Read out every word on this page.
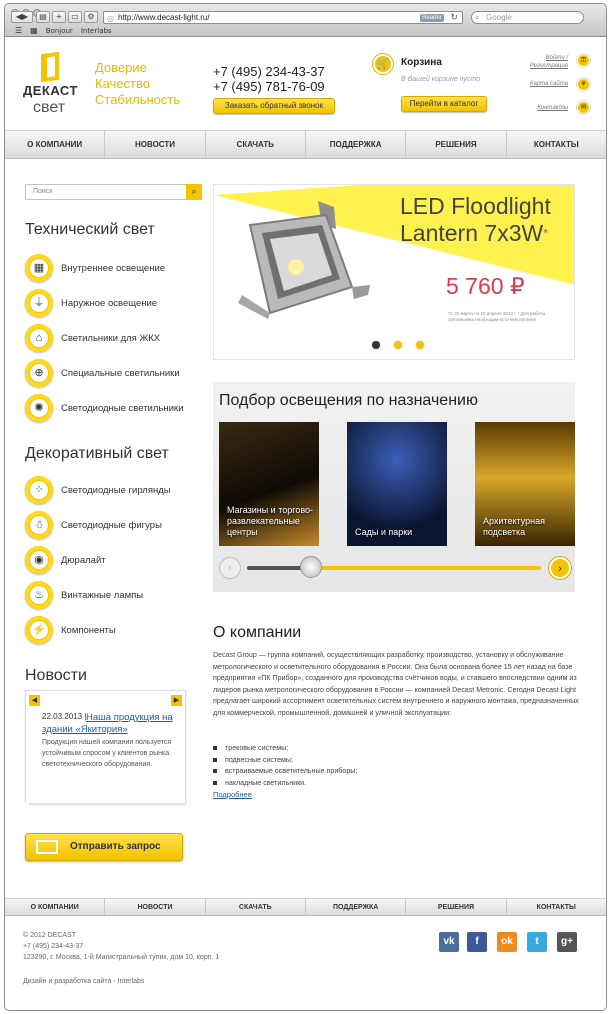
◀▶	▤	+	▭	⚙	◎ http://www.decast-light.ru/	Reader ↻ ⌕ Google
☰ ▦ Bonjour Interlabs
ДЕКАСТ
свет
Доверие
Качество
Стабильность
+7 (495) 234-43-37
+7 (495) 781-76-09
Заказать обратный звонок
🛒	Корзина
В Вашей корзине пусто
Перейти в каталог
Войти / Регистрация
⚿
Карта сайта	⚘
Контакты	✉
О КОМПАНИИ	НОВОСТИ	СКАЧАТЬ	ПОДДЕРЖКА	РЕШЕНИЯ	КОНТАКТЫ
Поиск	⌕
Технический свет
▦	Внутреннее освещение
⏚	Наружное освещение
⌂	Светильники для ЖКХ
⊕	Специальные светильники
✺	Светодиодные светильники
Декоративный свет
⁘	Светодиодные гирлянды
☃	Светодиодные фигуры
◉	Дюралайт
♨	Винтажные лампы
⚡ Компоненты
Новости
◀	▶
22.03.2013 | Наша продукция на здании «Якитория»
Продукция нашей компании пользуется устойчивым спросом у клиентов рынка светотехнического оборудования.
Отправить запрос
LED Floodlight
Lantern 7x3W*
5 760 ₽
*С 31 марта по 15 апреля 2013 г. * Для работы светильника необходим источник питания
Подбор освещения по назначению
Магазины и торгово-развлекательные центры	Сады и парки
Архитектурная подсветка
‹	›
О компании
Decast Group — группа компаний, осуществляющих разработку, производство, установку и обслуживание метрологического и осветительного оборудования в России. Она была основана более 15 лет назад на базе предприятия «ПК Прибор», созданного для производства счётчиков воды, и ставшего впоследствии одним из лидеров рынка метрологического оборудования в России — компанией Decast Metronic. Сегодня Decast Light предлагает широкий ассортимент осветительных систем внутреннего и наружного монтажа, предназначенных для коммерческой, промышленной, домашней и уличной эксплуатации:
трековые системы;
подвесные системы;
встраиваемые осветительные приборы;
накладные светильники.
Подробнее
О КОМПАНИИ	НОВОСТИ	СКАЧАТЬ	ПОДДЕРЖКА	РЕШЕНИЯ	КОНТАКТЫ
© 2012 DECAST
+7 (495) 234-43-37
123290, г. Москва, 1-й Магистральный тупик, дом 10, корп. 1
Дизайн и разработка сайта - Interlabs
vk	f	ok	t	g+
